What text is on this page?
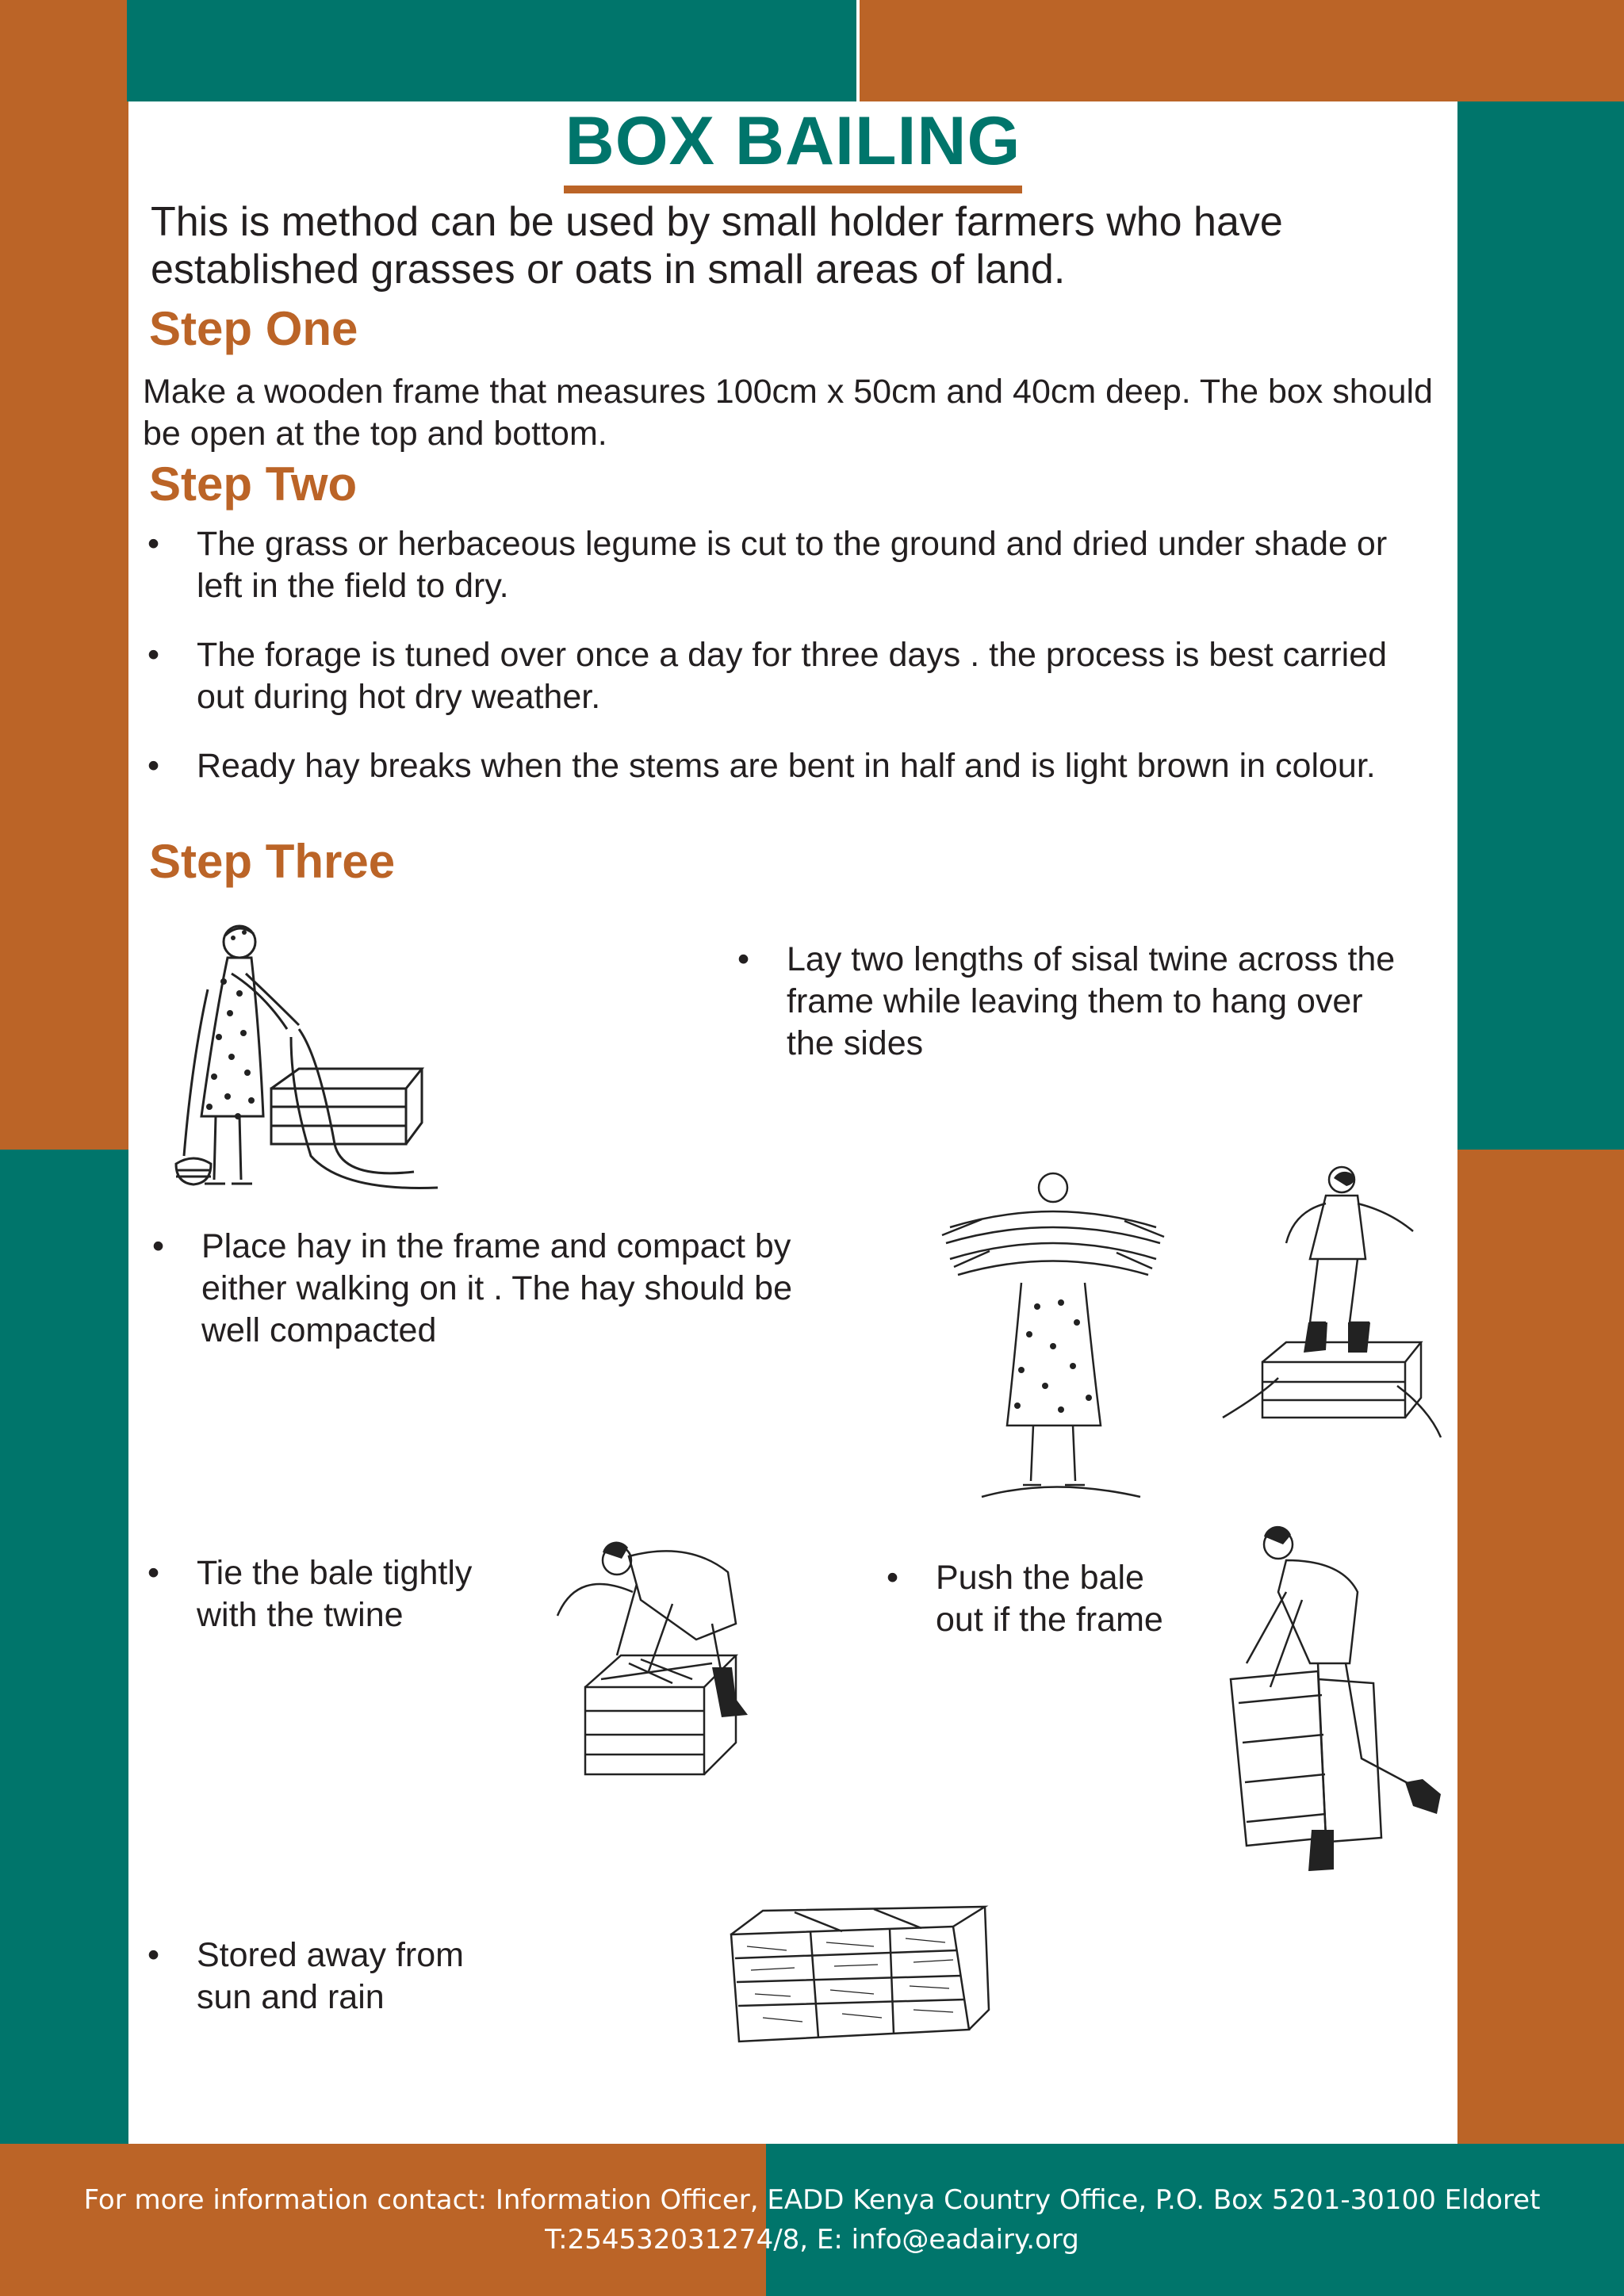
BOX BAILING

This is method can be used by small holder farmers who have established grasses or oats in small areas of land.

Step One

Make a wooden frame that measures 100cm x 50cm and 40cm deep. The box should be open at the top and bottom.

Step Two
•	The grass or herbaceous legume is cut to the ground and dried under shade or left in the field to dry.
•	The forage is tuned over once a day for three days . the process is best carried out during hot dry weather.
•	Ready hay breaks when the stems are bent in half and is light brown in colour.
Step Three
•	Lay two lengths of sisal twine across the frame while leaving them to hang over the sides
•	Place hay in the frame and compact by either walking on it . The hay should be well compacted
•	Tie the bale tightly with the twine
•	Push the bale out if the frame
•	Stored away from sun and rain
For more information contact: Information Officer, EADD Kenya Country Office, P.O. Box 5201-30100 Eldoret
T:254532031274/8, E: info@eadairy.org
